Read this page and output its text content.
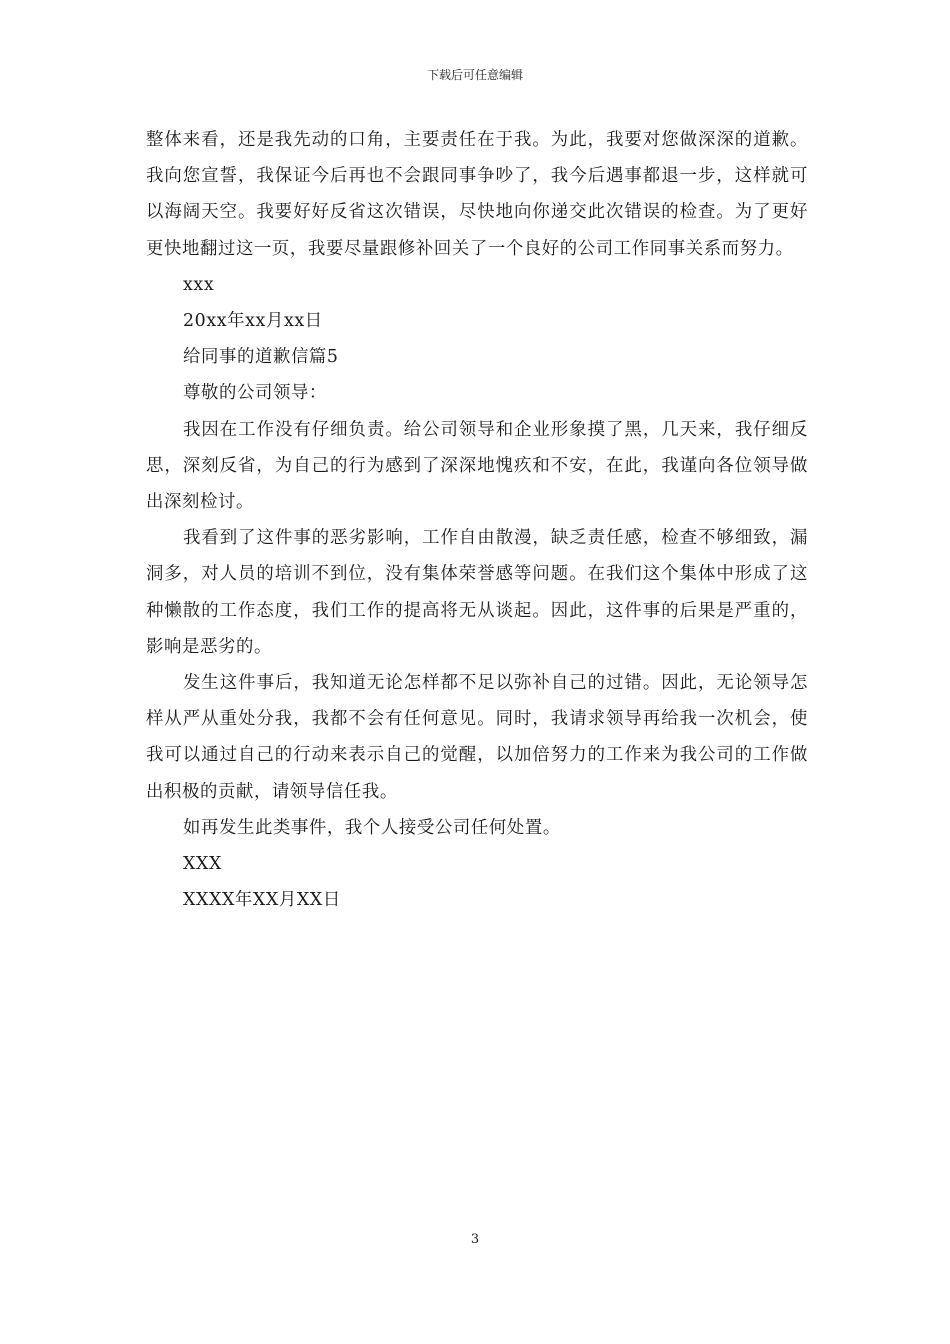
下载后可任意编辑

整体来看，还是我先动的口角，主要责任在于我。为此，我要对您做深深的道歉。我向您宣誓，我保证今后再也不会跟同事争吵了，我今后遇事都退一步，这样就可以海阔天空。我要好好反省这次错误，尽快地向你递交此次错误的检查。为了更好更快地翻过这一页，我要尽量跟修补回关了一个良好的公司工作同事关系而努力。

xxx

20xx年xx月xx日

给同事的道歉信篇5

尊敬的公司领导：

我因在工作没有仔细负责。给公司领导和企业形象摸了黑，几天来，我仔细反思，深刻反省，为自己的行为感到了深深地愧疚和不安，在此，我谨向各位领导做出深刻检讨。

我看到了这件事的恶劣影响，工作自由散漫，缺乏责任感，检查不够细致，漏洞多，对人员的培训不到位，没有集体荣誉感等问题。在我们这个集体中形成了这种懒散的工作态度，我们工作的提高将无从谈起。因此，这件事的后果是严重的，影响是恶劣的。

发生这件事后，我知道无论怎样都不足以弥补自己的过错。因此，无论领导怎样从严从重处分我，我都不会有任何意见。同时，我请求领导再给我一次机会，使我可以通过自己的行动来表示自己的觉醒，以加倍努力的工作来为我公司的工作做出积极的贡献，请领导信任我。

如再发生此类事件，我个人接受公司任何处置。

XXX

XXXX年XX月XX日

3
